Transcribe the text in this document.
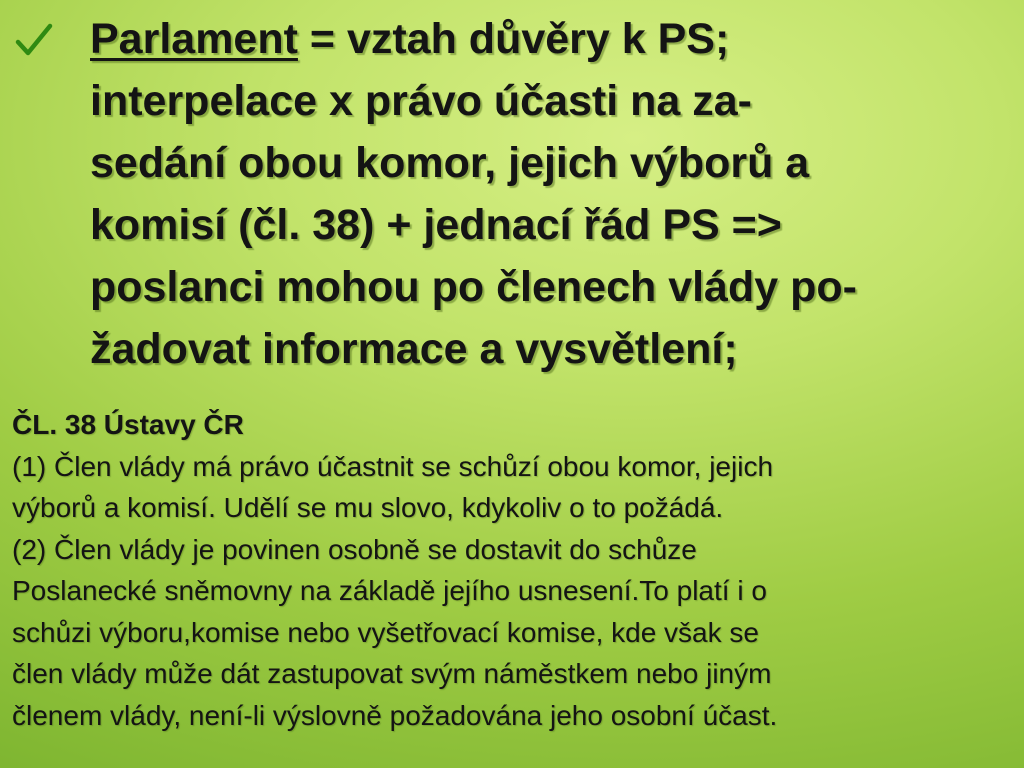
Parlament = vztah důvěry k PS;
interpelace x právo účasti na za-
sedání obou komor, jejich výborů a
komisí (čl. 38) + jednací řád PS =>
poslanci mohou po členech vlády po-
žadovat informace a vysvětlení;

ČL. 38 Ústavy ČR
(1) Člen vlády má právo účastnit se schůzí obou komor, jejich
výborů a komisí. Udělí se mu slovo, kdykoliv o to požádá.
(2) Člen vlády je povinen osobně se dostavit do schůze
Poslanecké sněmovny na základě jejího usnesení.To platí i o
schůzi výboru,komise nebo vyšetřovací komise, kde však se
člen vlády může dát zastupovat svým náměstkem nebo jiným
členem vlády, není-li výslovně požadována jeho osobní účast.
